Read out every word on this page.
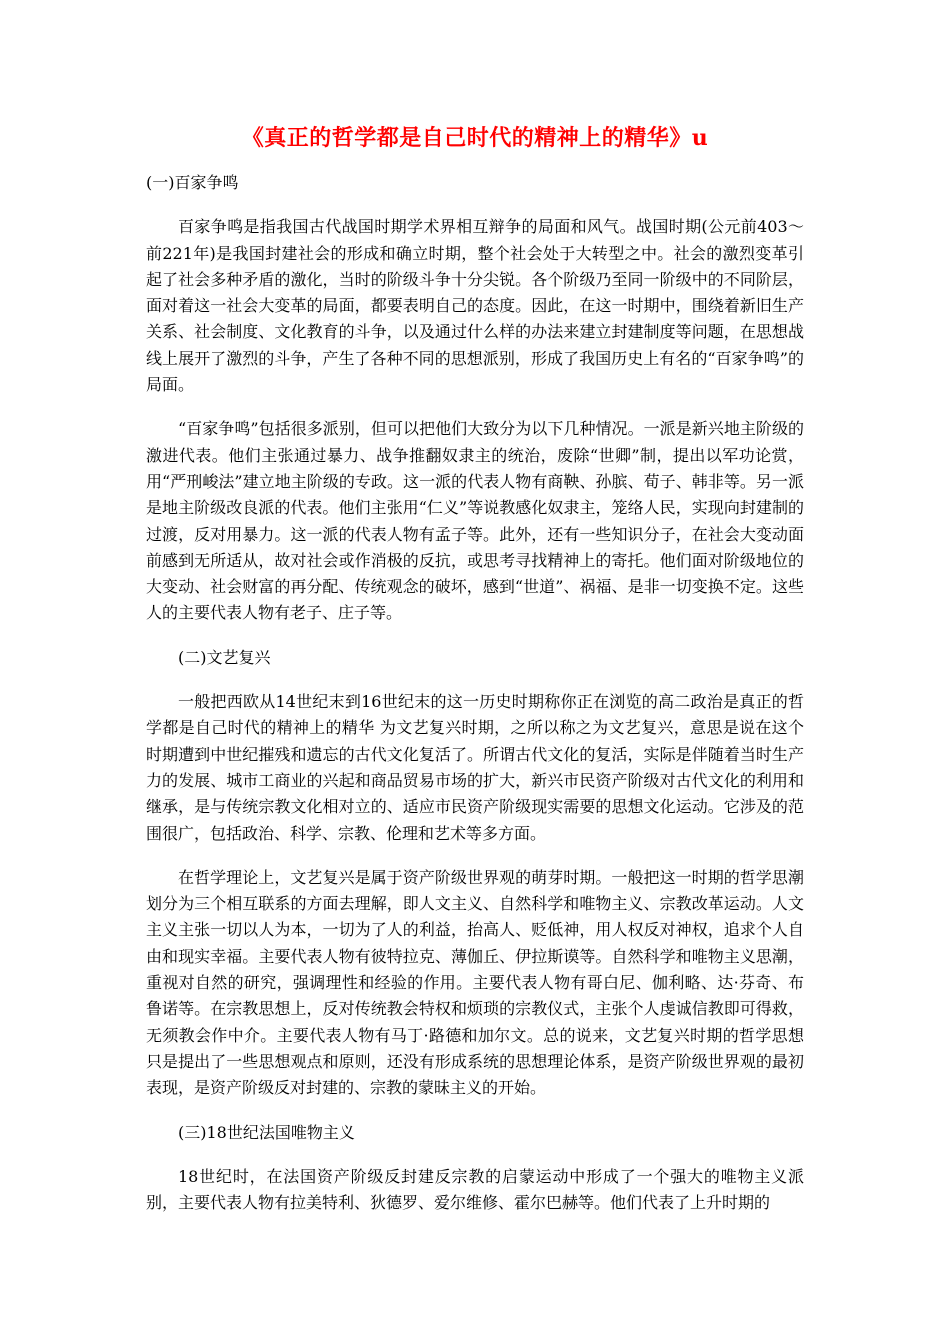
《真正的哲学都是自己时代的精神上的精华》u

(一)百家争鸣

百家争鸣是指我国古代战国时期学术界相互辩争的局面和风气。战国时期(公元前403～前221年)是我国封建社会的形成和确立时期，整个社会处于大转型之中。社会的激烈变革引起了社会多种矛盾的激化，当时的阶级斗争十分尖锐。各个阶级乃至同一阶级中的不同阶层，面对着这一社会大变革的局面，都要表明自己的态度。因此，在这一时期中，围绕着新旧生产关系、社会制度、文化教育的斗争，以及通过什么样的办法来建立封建制度等问题，在思想战线上展开了激烈的斗争，产生了各种不同的思想派别，形成了我国历史上有名的“百家争鸣”的局面。

“百家争鸣”包括很多派别，但可以把他们大致分为以下几种情况。一派是新兴地主阶级的激进代表。他们主张通过暴力、战争推翻奴隶主的统治，废除“世卿”制，提出以军功论赏，用“严刑峻法”建立地主阶级的专政。这一派的代表人物有商鞅、孙膑、荀子、韩非等。另一派是地主阶级改良派的代表。他们主张用“仁义”等说教感化奴隶主，笼络人民，实现向封建制的过渡，反对用暴力。这一派的代表人物有孟子等。此外，还有一些知识分子，在社会大变动面前感到无所适从，故对社会或作消极的反抗，或思考寻找精神上的寄托。他们面对阶级地位的大变动、社会财富的再分配、传统观念的破坏，感到“世道”、祸福、是非一切变换不定。这些人的主要代表人物有老子、庄子等。

(二)文艺复兴

一般把西欧从14世纪末到16世纪末的这一历史时期称你正在浏览的高二政治是真正的哲学都是自己时代的精神上的精华 为文艺复兴时期，之所以称之为文艺复兴，意思是说在这个时期遭到中世纪摧残和遗忘的古代文化复活了。所谓古代文化的复活，实际是伴随着当时生产力的发展、城市工商业的兴起和商品贸易市场的扩大，新兴市民资产阶级对古代文化的利用和继承，是与传统宗教文化相对立的、适应市民资产阶级现实需要的思想文化运动。它涉及的范围很广，包括政治、科学、宗教、伦理和艺术等多方面。

在哲学理论上，文艺复兴是属于资产阶级世界观的萌芽时期。一般把这一时期的哲学思潮划分为三个相互联系的方面去理解，即人文主义、自然科学和唯物主义、宗教改革运动。人文主义主张一切以人为本，一切为了人的利益，抬高人、贬低神，用人权反对神权，追求个人自由和现实幸福。主要代表人物有彼特拉克、薄伽丘、伊拉斯谟等。自然科学和唯物主义思潮，重视对自然的研究，强调理性和经验的作用。主要代表人物有哥白尼、伽利略、达·芬奇、布鲁诺等。在宗教思想上，反对传统教会特权和烦琐的宗教仪式，主张个人虔诚信教即可得救，无须教会作中介。主要代表人物有马丁·路德和加尔文。总的说来，文艺复兴时期的哲学思想只是提出了一些思想观点和原则，还没有形成系统的思想理论体系，是资产阶级世界观的最初表现，是资产阶级反对封建的、宗教的蒙昧主义的开始。

(三)18世纪法国唯物主义

18世纪时，在法国资产阶级反封建反宗教的启蒙运动中形成了一个强大的唯物主义派别，主要代表人物有拉美特利、狄德罗、爱尔维修、霍尔巴赫等。他们代表了上升时期的
